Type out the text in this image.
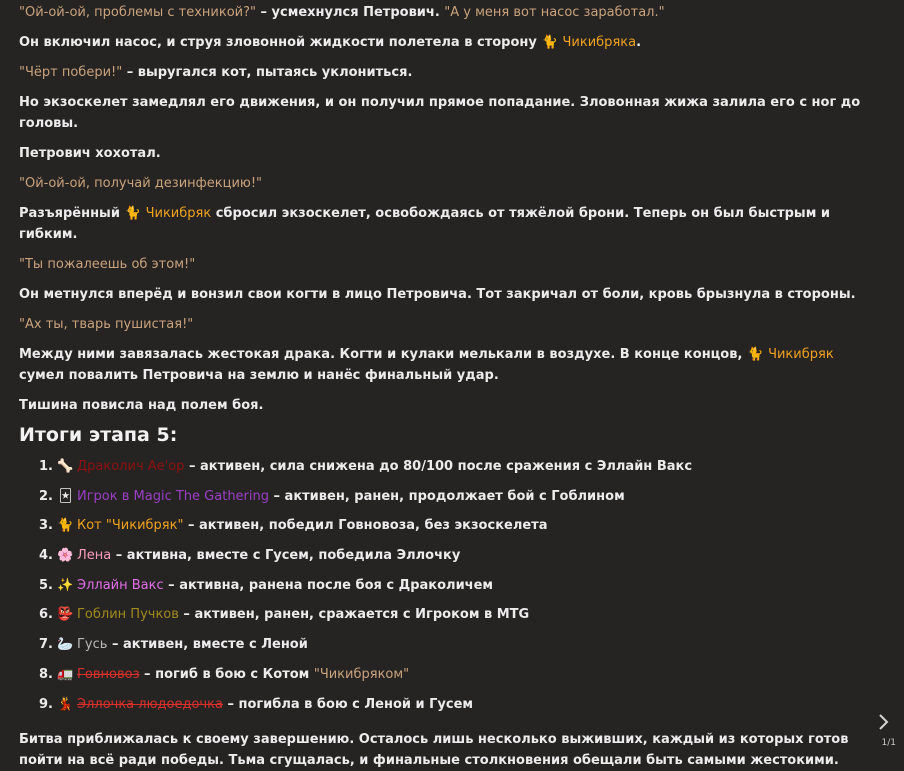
"Ой-ой-ой, проблемы с техникой?" – усмехнулся Петрович. "А у меня вот насос заработал."

Он включил насос, и струя зловонной жидкости полетела в сторону 🐈 Чикибряка.

"Чёрт побери!" – выругался кот, пытаясь уклониться.

Но экзоскелет замедлял его движения, и он получил прямое попадание. Зловонная жижа залила его с ног до головы.

Петрович хохотал.

"Ой-ой-ой, получай дезинфекцию!"

Разъярённый 🐈 Чикибряк сбросил экзоскелет, освобождаясь от тяжёлой брони. Теперь он был быстрым и гибким.

"Ты пожалеешь об этом!"

Он метнулся вперёд и вонзил свои когти в лицо Петровича. Тот закричал от боли, кровь брызнула в стороны.

"Ах ты, тварь пушистая!"

Между ними завязалась жестокая драка. Когти и кулаки мелькали в воздухе. В конце концов, 🐈 Чикибряк сумел повалить Петровича на землю и нанёс финальный удар.

Тишина повисла над полем боя.

Итоги этапа 5:
1. 🦴 Драколич Ае'ор – активен, сила снижена до 80/100 после сражения с Эллайн Вакс
2. 🃏 Игрок в Magic The Gathering – активен, ранен, продолжает бой с Гоблином
3. 🐈 Кот "Чикибряк" – активен, победил Говновоза, без экзоскелета
4. 🌸 Лена – активна, вместе с Гусем, победила Эллочку
5. ✨ Эллайн Вакс – активна, ранена после боя с Драколичем
6. 👺 Гоблин Пучков – активен, ранен, сражается с Игроком в MTG
7. 🦢 Гусь – активен, вместе с Леной
8. 🚛 Говновоз – погиб в бою с Котом "Чикибряком"
9. 💃 Эллочка людоедочка – погибла в бою с Леной и Гусем

Битва приближалась к своему завершению. Осталось лишь несколько выживших, каждый из которых готов пойти на всё ради победы. Тьма сгущалась, и финальные столкновения обещали быть самыми жестокими.

1/1
